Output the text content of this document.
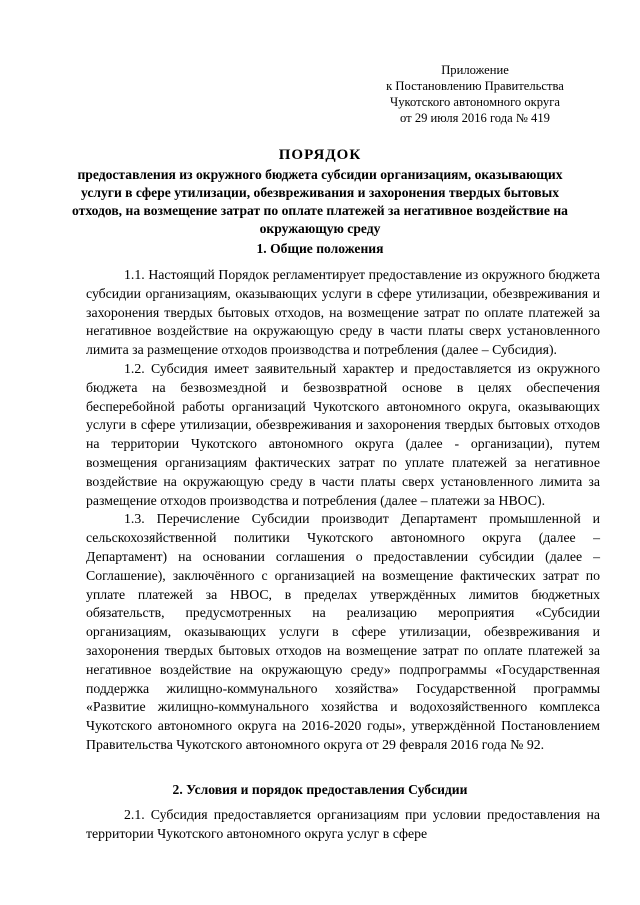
Приложение
к Постановлению Правительства
Чукотского автономного округа
от 29 июля 2016 года № 419
ПОРЯДОК
предоставления из окружного бюджета субсидии организациям, оказывающих услуги в сфере утилизации, обезвреживания и захоронения твердых бытовых отходов, на возмещение затрат по оплате платежей за негативное воздействие на окружающую среду
1. Общие положения

1.1. Настоящий Порядок регламентирует предоставление из окружного бюджета субсидии организациям, оказывающих услуги в сфере утилизации, обезвреживания и захоронения твердых бытовых отходов, на возмещение затрат по оплате платежей за негативное воздействие на окружающую среду в части платы сверх установленного лимита за размещение отходов производства и потребления (далее – Субсидия).

1.2. Субсидия имеет заявительный характер и предоставляется из окружного бюджета на безвозмездной и безвозвратной основе в целях обеспечения бесперебойной работы организаций Чукотского автономного округа, оказывающих услуги в сфере утилизации, обезвреживания и захоронения твердых бытовых отходов на территории Чукотского автономного округа (далее - организации), путем возмещения организациям фактических затрат по уплате платежей за негативное воздействие на окружающую среду в части платы сверх установленного лимита за размещение отходов производства и потребления (далее – платежи за НВОС).

1.3. Перечисление Субсидии производит Департамент промышленной и сельскохозяйственной политики Чукотского автономного округа (далее – Департамент) на основании соглашения о предоставлении субсидии (далее – Соглашение), заключённого с организацией на возмещение фактических затрат по уплате платежей за НВОС, в пределах утверждённых лимитов бюджетных обязательств, предусмотренных на реализацию мероприятия «Субсидии организациям, оказывающих услуги в сфере утилизации, обезвреживания и захоронения твердых бытовых отходов на возмещение затрат по оплате платежей за негативное воздействие на окружающую среду» подпрограммы «Государственная поддержка жилищно-коммунального хозяйства» Государственной программы «Развитие жилищно-коммунального хозяйства и водохозяйственного комплекса Чукотского автономного округа на 2016-2020 годы», утверждённой Постановлением Правительства Чукотского автономного округа от 29 февраля 2016 года № 92.

2. Условия и порядок предоставления Субсидии

2.1. Субсидия предоставляется организациям при условии предоставления на территории Чукотского автономного округа услуг в сфере
